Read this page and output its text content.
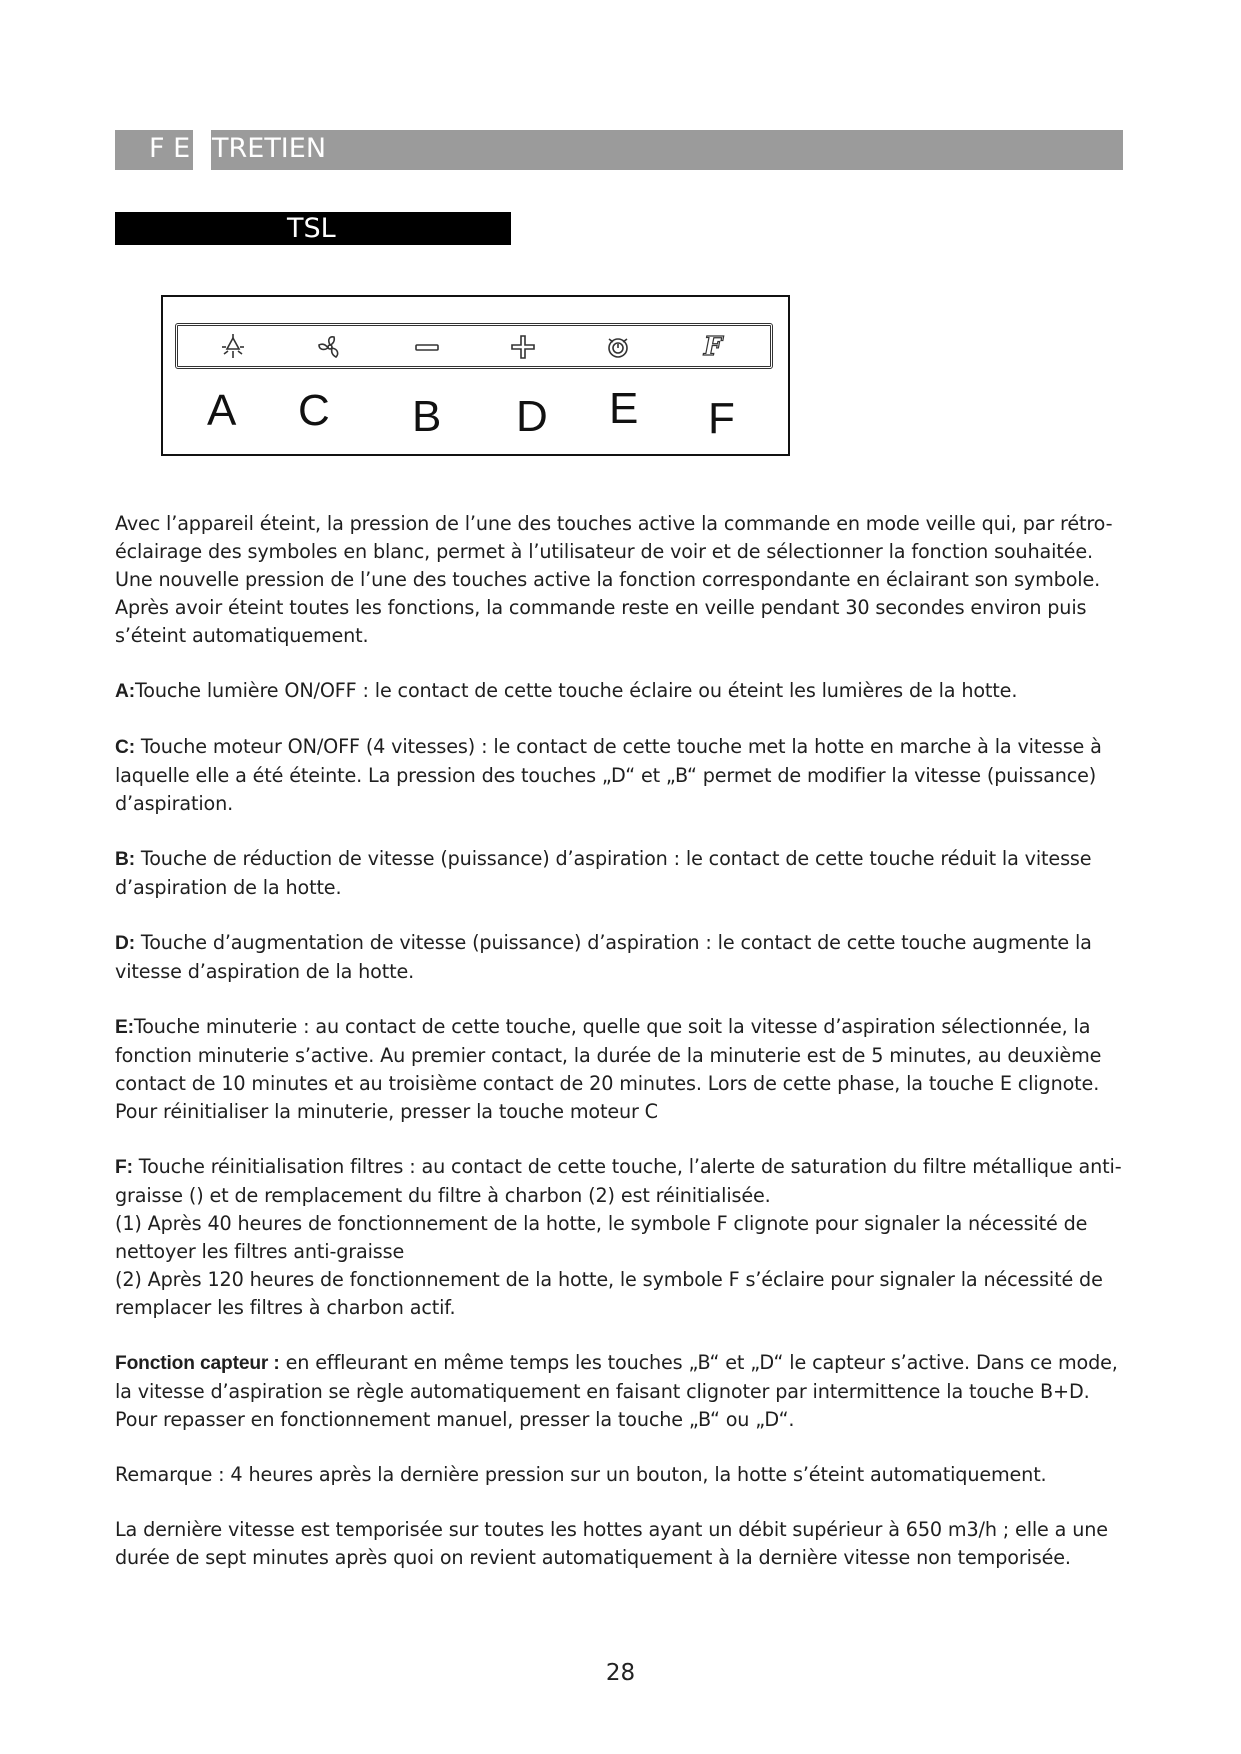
F E TRETIEN
TSL
F
A C B D E F

Avec l’appareil éteint, la pression de l’une des touches active la commande en mode veille qui, par rétro-éclairage des symboles en blanc, permet à l’utilisateur de voir et de sélectionner la fonction souhaitée. Une nouvelle pression de l’une des touches active la fonction correspondante en éclairant son symbole. Après avoir éteint toutes les fonctions, la commande reste en veille pendant 30 secondes environ puis s’éteint automatiquement.

A:Touche lumière ON/OFF : le contact de cette touche éclaire ou éteint les lumières de la hotte.

C: Touche moteur ON/OFF (4 vitesses) : le contact de cette touche met la hotte en marche à la vitesse à laquelle elle a été éteinte. La pression des touches „D“ et „B“ permet de modifier la vitesse (puissance) d’aspiration.

B: Touche de réduction de vitesse (puissance) d’aspiration : le contact de cette touche réduit la vitesse d’aspiration de la hotte.

D: Touche d’augmentation de vitesse (puissance) d’aspiration : le contact de cette touche augmente la vitesse d’aspiration de la hotte.

E:Touche minuterie : au contact de cette touche, quelle que soit la vitesse d’aspiration sélectionnée, la fonction minuterie s’active. Au premier contact, la durée de la minuterie est de 5 minutes, au deuxième contact de 10 minutes et au troisième contact de 20 minutes. Lors de cette phase, la touche E clignote. Pour réinitialiser la minuterie, presser la touche moteur C

F: Touche réinitialisation filtres : au contact de cette touche, l’alerte de saturation du filtre métallique anti-graisse () et de remplacement du filtre à charbon (2) est réinitialisée.

(1) Après 40 heures de fonctionnement de la hotte, le symbole F clignote pour signaler la nécessité de nettoyer les filtres anti-graisse

(2) Après 120 heures de fonctionnement de la hotte, le symbole F s’éclaire pour signaler la nécessité de remplacer les filtres à charbon actif.

Fonction capteur : en effleurant en même temps les touches „B“ et „D“ le capteur s’active. Dans ce mode, la vitesse d’aspiration se règle automatiquement en faisant clignoter par intermittence la touche B+D. Pour repasser en fonctionnement manuel, presser la touche „B“ ou „D“.

Remarque : 4 heures après la dernière pression sur un bouton, la hotte s’éteint automatiquement.

La dernière vitesse est temporisée sur toutes les hottes ayant un débit supérieur à 650 m3/h ; elle a une durée de sept minutes après quoi on revient automatiquement à la dernière vitesse non temporisée.

28
